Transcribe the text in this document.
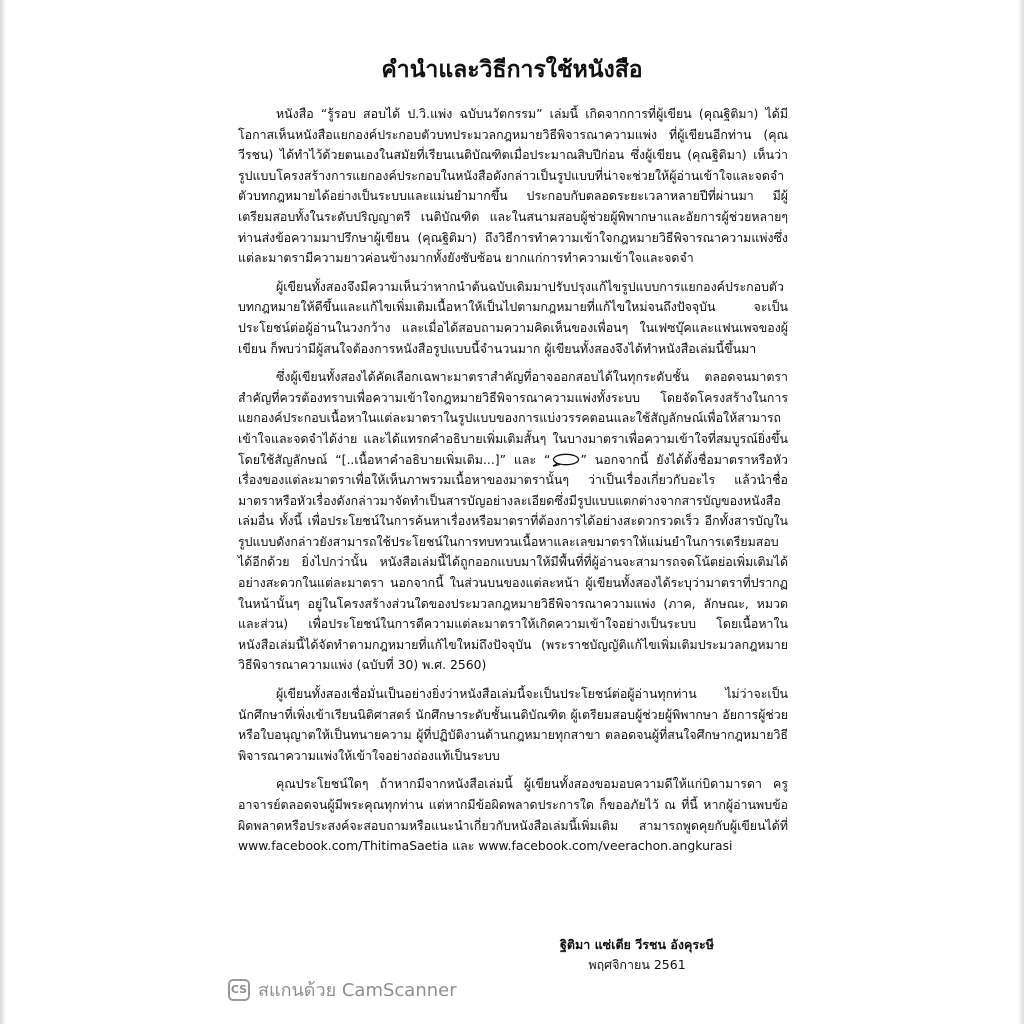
คำนำและวิธีการใช้หนังสือ

หนังสือ “รู้รอบ สอบได้ ป.วิ.แพ่ง ฉบับนวัตกรรม” เล่มนี้ เกิดจากการที่ผู้เขียน (คุณฐิติมา) ได้มีโอกาสเห็นหนังสือแยกองค์ประกอบตัวบทประมวลกฎหมายวิธีพิจารณาความแพ่ง ที่ผู้เขียนอีกท่าน (คุณวีรชน) ได้ทำไว้ด้วยตนเองในสมัยที่เรียนเนติบัณฑิตเมื่อประมาณสิบปีก่อน ซึ่งผู้เขียน (คุณฐิติมา) เห็นว่ารูปแบบโครงสร้างการแยกองค์ประกอบในหนังสือดังกล่าวเป็นรูปแบบที่น่าจะช่วยให้ผู้อ่านเข้าใจและจดจำตัวบทกฎหมายได้อย่างเป็นระบบและแม่นยำมากขึ้น ประกอบกับตลอดระยะเวลาหลายปีที่ผ่านมา มีผู้เตรียมสอบทั้งในระดับปริญญาตรี เนติบัณฑิต และในสนามสอบผู้ช่วยผู้พิพากษาและอัยการผู้ช่วยหลายๆ ท่านส่งข้อความมาปรึกษาผู้เขียน (คุณฐิติมา) ถึงวิธีการทำความเข้าใจกฎหมายวิธีพิจารณาความแพ่งซึ่งแต่ละมาตรามีความยาวค่อนข้างมากทั้งยังซับซ้อน ยากแก่การทำความเข้าใจและจดจำ

ผู้เขียนทั้งสองจึงมีความเห็นว่าหากนำต้นฉบับเดิมมาปรับปรุงแก้ไขรูปแบบการแยกองค์ประกอบตัวบทกฎหมายให้ดีขึ้นและแก้ไขเพิ่มเติมเนื้อหาให้เป็นไปตามกฎหมายที่แก้ไขใหม่จนถึงปัจจุบัน จะเป็นประโยชน์ต่อผู้อ่านในวงกว้าง และเมื่อได้สอบถามความคิดเห็นของเพื่อนๆ ในเฟซบุ๊คและแฟนเพจของผู้เขียน ก็พบว่ามีผู้สนใจต้องการหนังสือรูปแบบนี้จำนวนมาก ผู้เขียนทั้งสองจึงได้ทำหนังสือเล่มนี้ขึ้นมา

ซึ่งผู้เขียนทั้งสองได้คัดเลือกเฉพาะมาตราสำคัญที่อาจออกสอบได้ในทุกระดับชั้น ตลอดจนมาตราสำคัญที่ควรต้องทราบเพื่อความเข้าใจกฎหมายวิธีพิจารณาความแพ่งทั้งระบบ โดยจัดโครงสร้างในการแยกองค์ประกอบเนื้อหาในแต่ละมาตราในรูปแบบของการแบ่งวรรคตอนและใช้สัญลักษณ์เพื่อให้สามารถเข้าใจและจดจำได้ง่าย และได้แทรกคำอธิบายเพิ่มเติมสั้นๆ ในบางมาตราเพื่อความเข้าใจที่สมบูรณ์ยิ่งขึ้น โดยใช้สัญลักษณ์ “[..เนื้อหาคำอธิบายเพิ่มเติม...]” และ “ ” นอกจากนี้ ยังได้ตั้งชื่อมาตราหรือหัวเรื่องของแต่ละมาตราเพื่อให้เห็นภาพรวมเนื้อหาของมาตรานั้นๆ ว่าเป็นเรื่องเกี่ยวกับอะไร แล้วนำชื่อมาตราหรือหัวเรื่องดังกล่าวมาจัดทำเป็นสารบัญอย่างละเอียดซึ่งมีรูปแบบแตกต่างจากสารบัญของหนังสือเล่มอื่น ทั้งนี้ เพื่อประโยชน์ในการค้นหาเรื่องหรือมาตราที่ต้องการได้อย่างสะดวกรวดเร็ว อีกทั้งสารบัญในรูปแบบดังกล่าวยังสามารถใช้ประโยชน์ในการทบทวนเนื้อหาและเลขมาตราให้แม่นยำในการเตรียมสอบได้อีกด้วย ยิ่งไปกว่านั้น หนังสือเล่มนี้ได้ถูกออกแบบมาให้มีพื้นที่ที่ผู้อ่านจะสามารถจดโน้ตย่อเพิ่มเติมได้อย่างสะดวกในแต่ละมาตรา นอกจากนี้ ในส่วนบนของแต่ละหน้า ผู้เขียนทั้งสองได้ระบุว่ามาตราที่ปรากฏในหน้านั้นๆ อยู่ในโครงสร้างส่วนใดของประมวลกฎหมายวิธีพิจารณาความแพ่ง (ภาค, ลักษณะ, หมวด และส่วน) เพื่อประโยชน์ในการตีความแต่ละมาตราให้เกิดความเข้าใจอย่างเป็นระบบ โดยเนื้อหาในหนังสือเล่มนี้ได้จัดทำตามกฎหมายที่แก้ไขใหม่ถึงปัจจุบัน (พระราชบัญญัติแก้ไขเพิ่มเติมประมวลกฎหมายวิธีพิจารณาความแพ่ง (ฉบับที่ 30) พ.ศ. 2560)

ผู้เขียนทั้งสองเชื่อมั่นเป็นอย่างยิ่งว่าหนังสือเล่มนี้จะเป็นประโยชน์ต่อผู้อ่านทุกท่าน ไม่ว่าจะเป็นนักศึกษาที่เพิ่งเข้าเรียนนิติศาสตร์ นักศึกษาระดับชั้นเนติบัณฑิต ผู้เตรียมสอบผู้ช่วยผู้พิพากษา อัยการผู้ช่วย หรือใบอนุญาตให้เป็นทนายความ ผู้ที่ปฏิบัติงานด้านกฎหมายทุกสาขา ตลอดจนผู้ที่สนใจศึกษากฎหมายวิธีพิจารณาความแพ่งให้เข้าใจอย่างถ่องแท้เป็นระบบ

คุณประโยชน์ใดๆ ถ้าหากมีจากหนังสือเล่มนี้ ผู้เขียนทั้งสองขอมอบความดีให้แก่บิดามารดา ครูอาจารย์ตลอดจนผู้มีพระคุณทุกท่าน แต่หากมีข้อผิดพลาดประการใด ก็ขออภัยไว้ ณ ที่นี้ หากผู้อ่านพบข้อผิดพลาดหรือประสงค์จะสอบถามหรือแนะนำเกี่ยวกับหนังสือเล่มนี้เพิ่มเติม สามารถพูดคุยกับผู้เขียนได้ที่ www.facebook.com/ThitimaSaetia และ www.facebook.com/veerachon.angkurasi

ฐิติมา แซ่เตีย วีรชน อังคุระษี
พฤศจิกายน 2561
CS สแกนด้วย CamScanner
